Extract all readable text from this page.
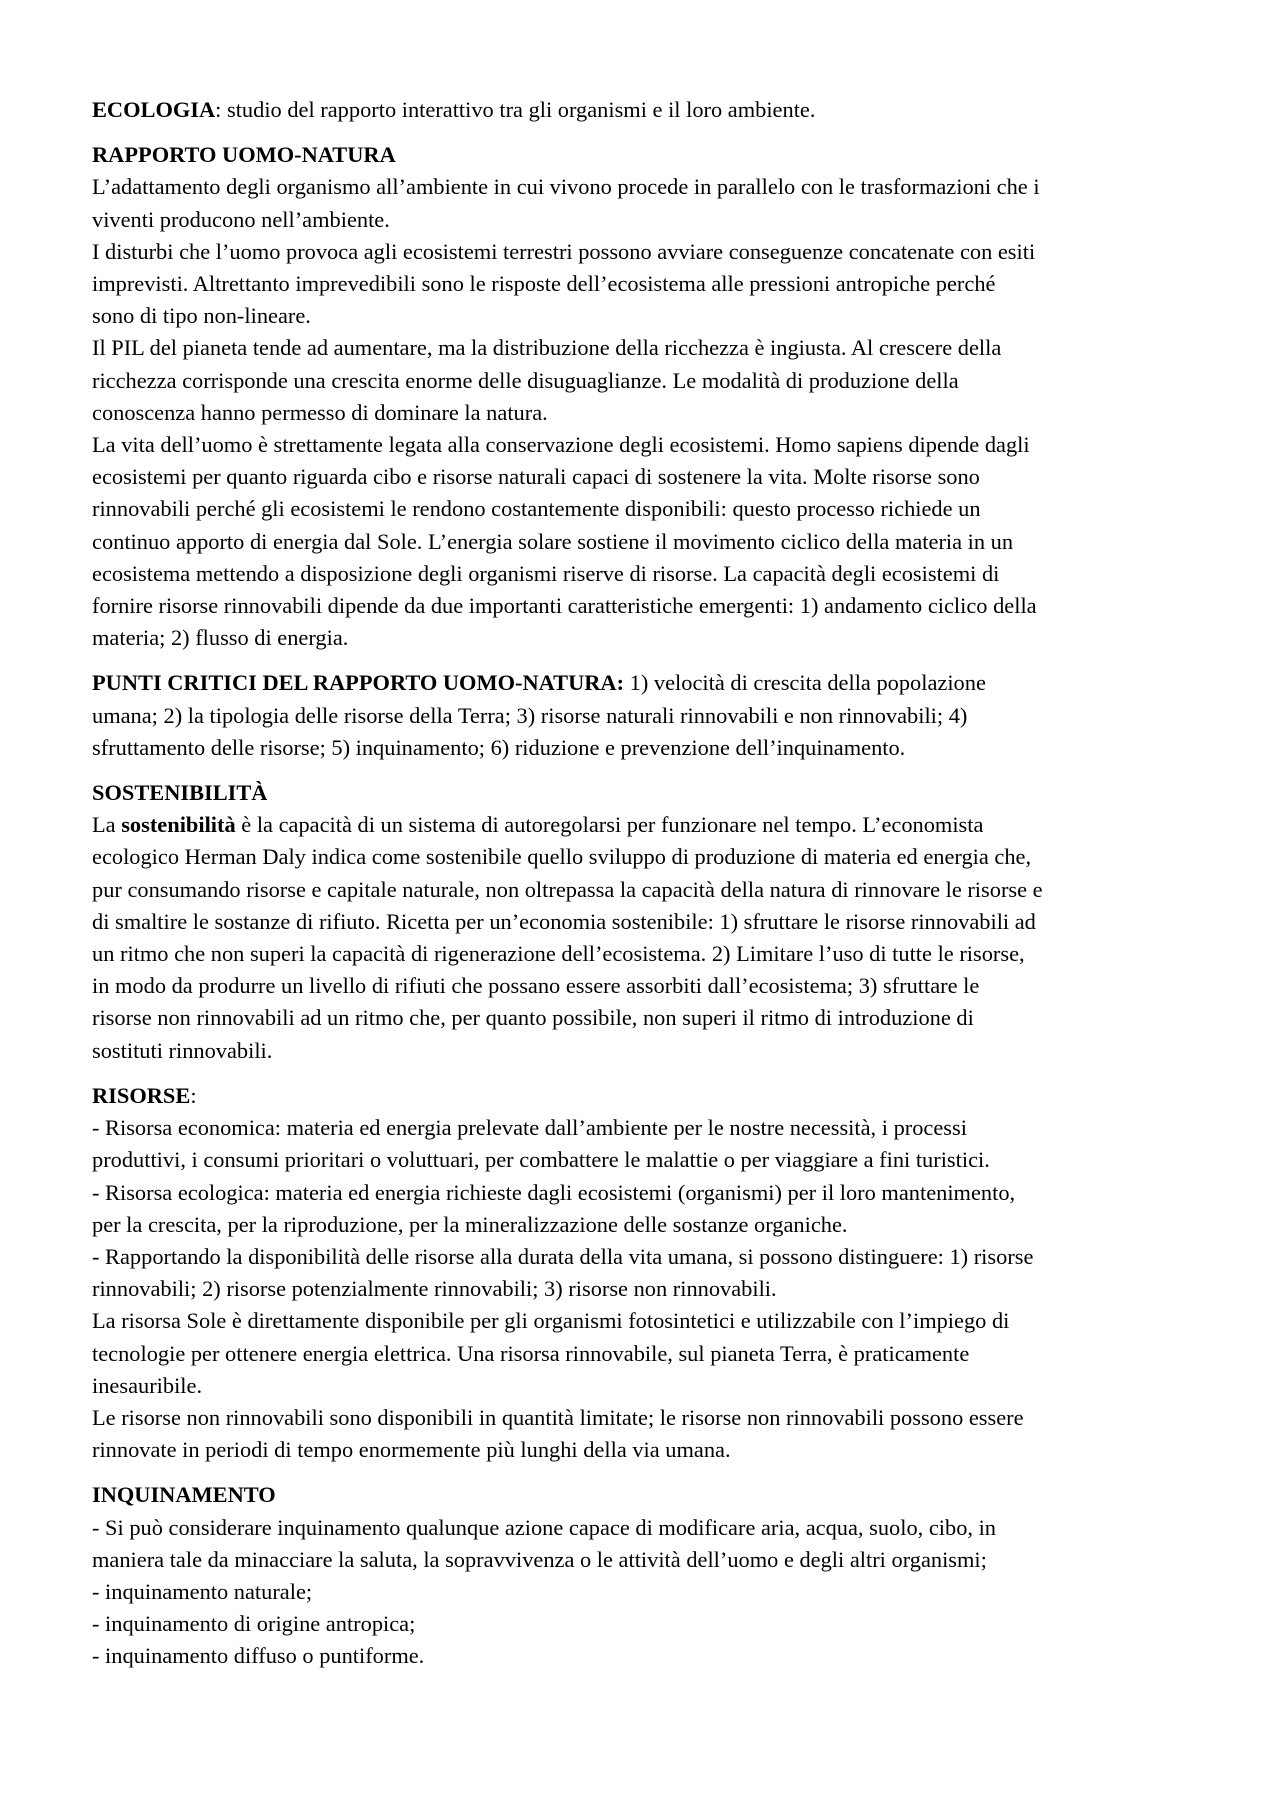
ECOLOGIA: studio del rapporto interattivo tra gli organismi e il loro ambiente.
RAPPORTO UOMO-NATURA
L’adattamento degli organismo all’ambiente in cui vivono procede in parallelo con le trasformazioni che i
viventi producono nell’ambiente.
I disturbi che l’uomo provoca agli ecosistemi terrestri possono avviare conseguenze concatenate con esiti
imprevisti. Altrettanto imprevedibili sono le risposte dell’ecosistema alle pressioni antropiche perché
sono di tipo non-lineare.
Il PIL del pianeta tende ad aumentare, ma la distribuzione della ricchezza è ingiusta. Al crescere della
ricchezza corrisponde una crescita enorme delle disuguaglianze. Le modalità di produzione della
conoscenza hanno permesso di dominare la natura.
La vita dell’uomo è strettamente legata alla conservazione degli ecosistemi. Homo sapiens dipende dagli
ecosistemi per quanto riguarda cibo e risorse naturali capaci di sostenere la vita. Molte risorse sono
rinnovabili perché gli ecosistemi le rendono costantemente disponibili: questo processo richiede un
continuo apporto di energia dal Sole. L’energia solare sostiene il movimento ciclico della materia in un
ecosistema mettendo a disposizione degli organismi riserve di risorse. La capacità degli ecosistemi di
fornire risorse rinnovabili dipende da due importanti caratteristiche emergenti: 1) andamento ciclico della
materia; 2) flusso di energia.
PUNTI CRITICI DEL RAPPORTO UOMO-NATURA: 1) velocità di crescita della popolazione
umana; 2) la tipologia delle risorse della Terra; 3) risorse naturali rinnovabili e non rinnovabili; 4)
sfruttamento delle risorse; 5) inquinamento; 6) riduzione e prevenzione dell’inquinamento.
SOSTENIBILITÀ
La sostenibilità è la capacità di un sistema di autoregolarsi per funzionare nel tempo. L’economista
ecologico Herman Daly indica come sostenibile quello sviluppo di produzione di materia ed energia che,
pur consumando risorse e capitale naturale, non oltrepassa la capacità della natura di rinnovare le risorse e
di smaltire le sostanze di rifiuto. Ricetta per un’economia sostenibile: 1) sfruttare le risorse rinnovabili ad
un ritmo che non superi la capacità di rigenerazione dell’ecosistema. 2) Limitare l’uso di tutte le risorse,
in modo da produrre un livello di rifiuti che possano essere assorbiti dall’ecosistema; 3) sfruttare le
risorse non rinnovabili ad un ritmo che, per quanto possibile, non superi il ritmo di introduzione di
sostituti rinnovabili.
RISORSE:
- Risorsa economica: materia ed energia prelevate dall’ambiente per le nostre necessità, i processi
produttivi, i consumi prioritari o voluttuari, per combattere le malattie o per viaggiare a fini turistici.
- Risorsa ecologica: materia ed energia richieste dagli ecosistemi (organismi) per il loro mantenimento,
per la crescita, per la riproduzione, per la mineralizzazione delle sostanze organiche.
- Rapportando la disponibilità delle risorse alla durata della vita umana, si possono distinguere: 1) risorse
rinnovabili; 2) risorse potenzialmente rinnovabili; 3) risorse non rinnovabili.
La risorsa Sole è direttamente disponibile per gli organismi fotosintetici e utilizzabile con l’impiego di
tecnologie per ottenere energia elettrica. Una risorsa rinnovabile, sul pianeta Terra, è praticamente
inesauribile.
Le risorse non rinnovabili sono disponibili in quantità limitate; le risorse non rinnovabili possono essere
rinnovate in periodi di tempo enormemente più lunghi della via umana.
INQUINAMENTO
- Si può considerare inquinamento qualunque azione capace di modificare aria, acqua, suolo, cibo, in
maniera tale da minacciare la saluta, la sopravvivenza o le attività dell’uomo e degli altri organismi;
- inquinamento naturale;
- inquinamento di origine antropica;
- inquinamento diffuso o puntiforme.
